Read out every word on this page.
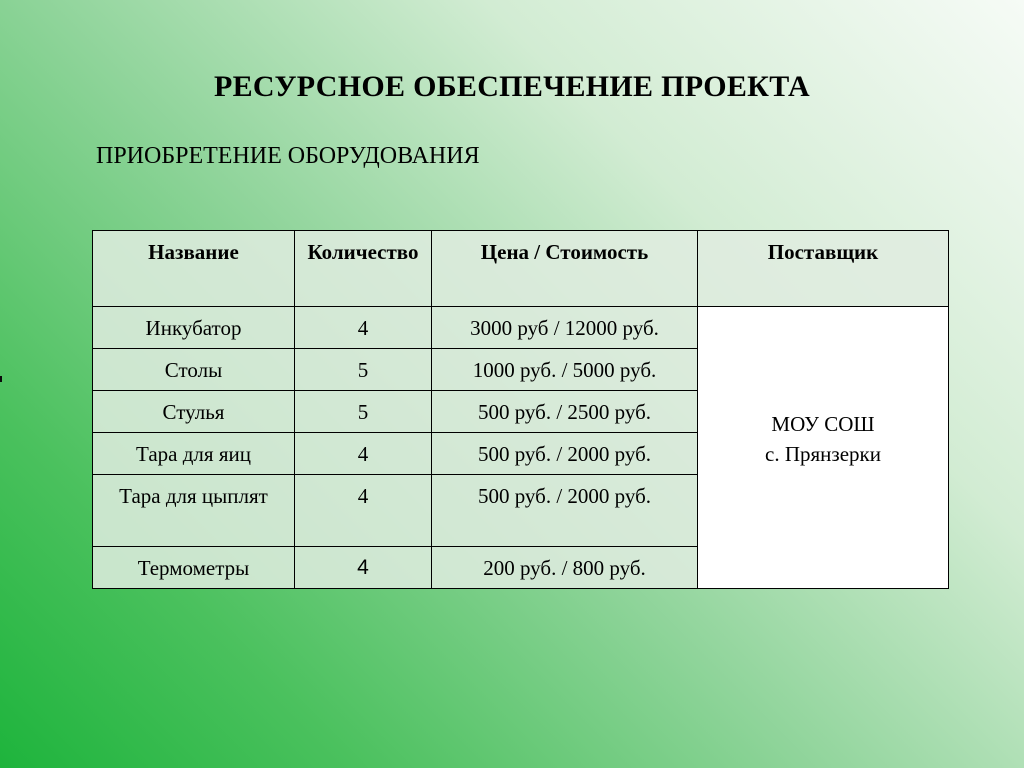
РЕСУРСНОЕ ОБЕСПЕЧЕНИЕ ПРОЕКТА
ПРИОБРЕТЕНИЕ ОБОРУДОВАНИЯ
Название	Количество	Цена / Стоимость	Поставщик
Инкубатор	4	3000 руб / 12000 руб.	МОУ СОШ
с. Прянзерки

Столы	5	1000 руб. / 5000 руб.	
Стулья	5	500 руб. / 2500 руб.	
Тара для яиц	4	500 руб. / 2000 руб.	
Тара для цыплят	4	500 руб. / 2000 руб.	
Термометры	4	200 руб. / 800 руб.	
